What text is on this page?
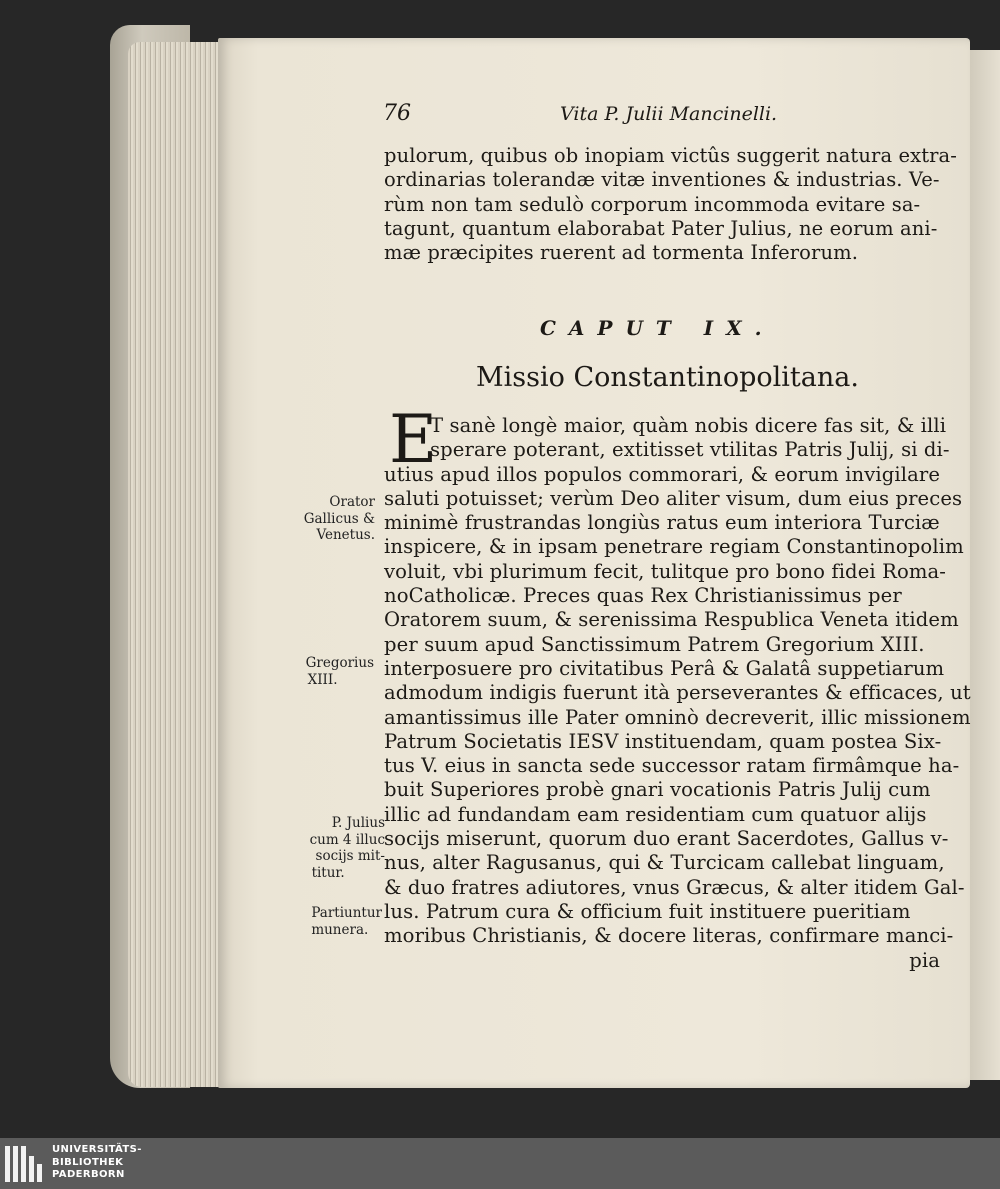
76	Vita P. Julii Mancinelli.
pulorum, quibus ob inopiam victûs suggerit natura extra-
ordinarias tolerandæ vitæ inventiones & industrias. Ve-
rùm non tam sedulò corporum incommoda evitare sa-
tagunt, quantum elaborabat Pater Julius, ne eorum ani-
mæ præcipites ruerent ad tormenta Inferorum.
CAPUT IX.
Missio Constantinopolitana.
E
T sanè longè maior, quàm nobis dicere fas sit, & illi
sperare poterant, extitisset vtilitas Patris Julij, si di-
utius apud illos populos commorari, & eorum invigilare
saluti potuisset; verùm Deo aliter visum, dum eius preces
minimè frustrandas longiùs ratus eum interiora Turciæ
inspicere, & in ipsam penetrare regiam Constantinopolim
voluit, vbi plurimum fecit, tulitque pro bono fidei Roma-
noCatholicæ. Preces quas Rex Christianissimus per
Oratorem suum, & serenissima Respublica Veneta itidem
per suum apud Sanctissimum Patrem Gregorium XIII.
interposuere pro civitatibus Perâ & Galatâ suppetiarum
admodum indigis fuerunt ità perseverantes & efficaces, ut
amantissimus ille Pater omninò decreverit, illic missionem
Patrum Societatis IESV instituendam, quam postea Six-
tus V. eius in sancta sede successor ratam firmâmque ha-
buit Superiores probè gnari vocationis Patris Julij cum
illic ad fundandam eam residentiam cum quatuor alijs
socijs miserunt, quorum duo erant Sacerdotes, Gallus v-
nus, alter Ragusanus, qui & Turcicam callebat linguam,
& duo fratres adiutores, vnus Græcus, & alter itidem Gal-
lus. Patrum cura & officium fuit instituere pueritiam
moribus Christianis, & docere literas, confirmare manci-
pia
Orator
Gallicus &
Venetus.
Gregorius
XIII.
P. Julius
cum 4 illuc
socijs mit-
titur.
Partiuntur
munera.
UNIVERSITÄTS-
BIBLIOTHEK
PADERBORN
